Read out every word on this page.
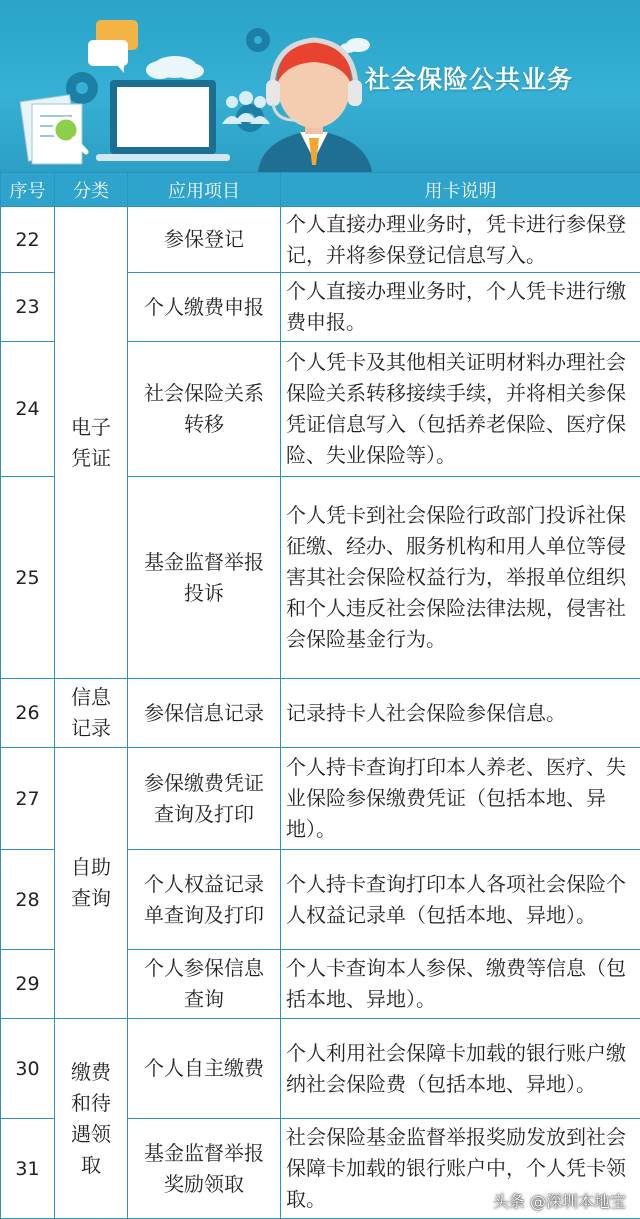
社会保险公共业务
序号	分类	应用项目	用卡说明
22	电子凭证	参保登记	个人直接办理业务时，凭卡进行参保登记，并将参保登记信息写入。

23		个人缴费申报	个人直接办理业务时，个人凭卡进行缴费申报。

24		社会保险关系转移	个人凭卡及其他相关证明材料办理社会保险关系转移接续手续，并将相关参保凭证信息写入（包括养老保险、医疗保险、失业保险等）。

25		基金监督举报投诉	个人凭卡到社会保险行政部门投诉社保征缴、经办、服务机构和用人单位等侵害其社会保险权益行为，举报单位组织和个人违反社会保险法律法规，侵害社会保险基金行为。

26	信息记录	参保信息记录	记录持卡人社会保险参保信息。

27	自助查询	参保缴费凭证查询及打印	个人持卡查询打印本人养老、医疗、失业保险参保缴费凭证（包括本地、异地）。

28		个人权益记录单查询及打印	个人持卡查询打印本人各项社会保险个人权益记录单（包括本地、异地）。

29		个人参保信息查询	个人卡查询本人参保、缴费等信息（包括本地、异地）。

30	缴费和待遇领取	个人自主缴费	个人利用社会保障卡加载的银行账户缴纳社会保险费（包括本地、异地）。

31		基金监督举报奖励领取	社会保险基金监督举报奖励发放到社会保障卡加载的银行账户中，个人凭卡领取。	头条 @深圳本地宝
